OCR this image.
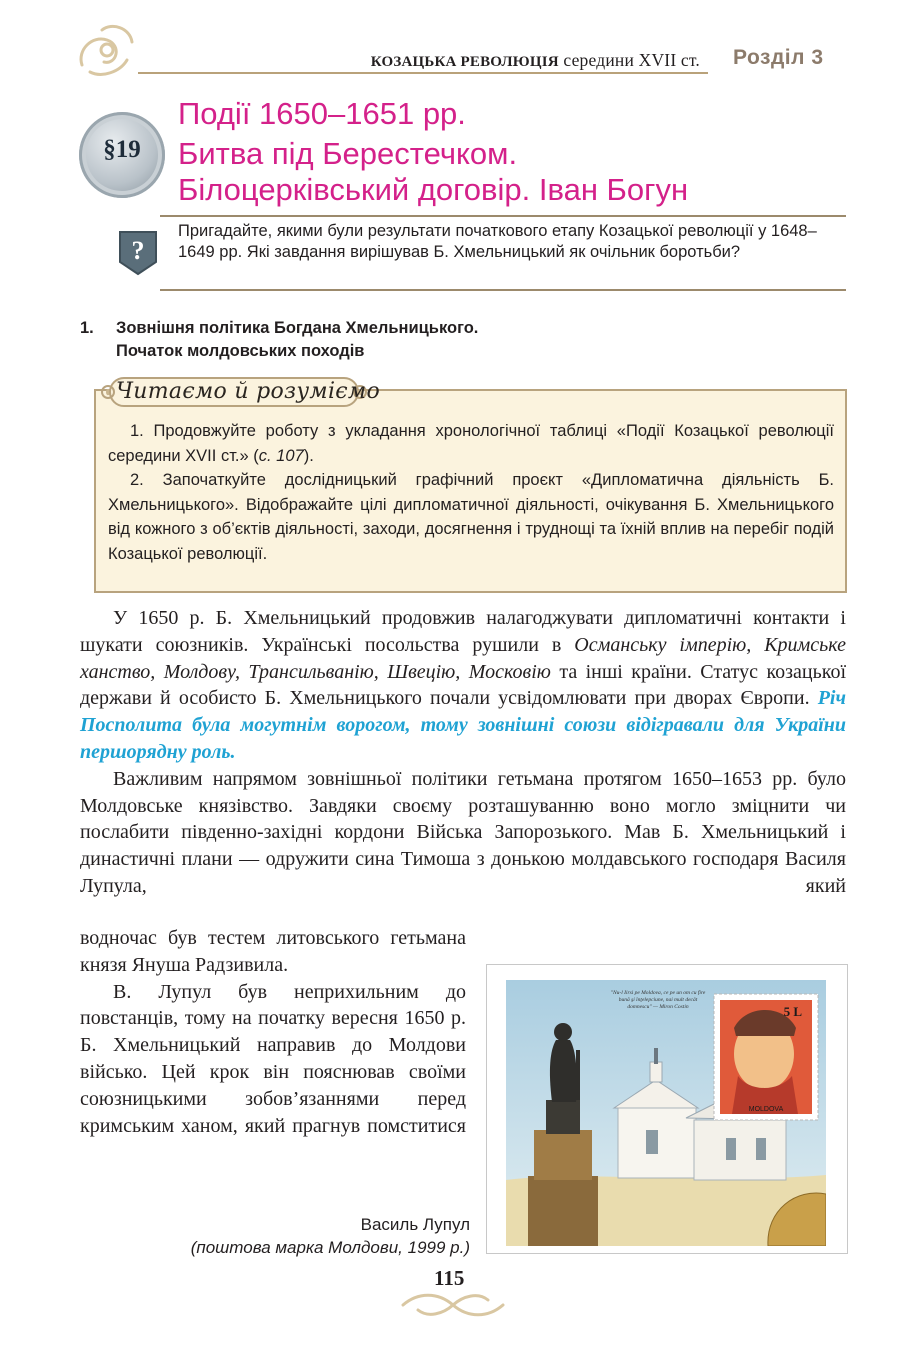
КОЗАЦЬКА РЕВОЛЮЦІЯ середини XVII ст. Розділ 3
§19
Події 1650–1651 рр.
Битва під Берестечком.
Білоцерківський договір. Іван Богун
?
Пригадайте, якими були результати початкового етапу Козацької революції у 1648–1649 рр. Які завдання вирішував Б. Хмельницький як очільник боротьби?
1. Зовнішня політика Богдана Хмельницького.
Початок молдовських походів
Читаємо й розуміємо

1. Продовжуйте роботу з укладання хронологічної таблиці «Події Козацької революції середини XVII ст.» (с. 107).

2. Започаткуйте дослідницький графічний проєкт «Дипломатична діяльність Б. Хмельницького». Відображайте цілі дипломатичної діяльності, очікування Б. Хмельницького від кожного з об’єктів діяльності, заходи, досягнення і труднощі та їхній вплив на перебіг подій Козацької революції.

У 1650 р. Б. Хмельницький продовжив налагоджувати дипломатичні контакти і шукати союзників. Українські посольства рушили в Османську імперію, Кримське ханство, Молдову, Трансильванію, Швецію, Московію та інші країни. Статус козацької держави й особисто Б. Хмельницького почали усвідомлювати при дворах Європи. Річ Посполита була могутнім ворогом, тому зовнішні союзи відігравали для України першорядну роль.

Важливим напрямом зовнішньої політики гетьмана протягом 1650–1653 рр. було Молдовське князівство. Завдяки своєму розташуванню воно могло зміцнити чи послабити південно-західні кордони Війська Запорозького. Мав Б. Хмельницький і династичні плани — одружити сина Тимоша з донькою молдавського господаря Василя Лупула, який

водночас був тестем литовського гетьмана князя Януша Радзивила.

В. Лупул був неприхильним до повстанців, тому на початку вересня 1650 р. Б. Хмельницький направив до Молдови військо. Цей крок він пояснював своїми союзницькими зобов’язаннями перед кримським ханом, який прагнув помститися

5 L
MOLDOVA
"Nu-l Iirsi pe Moldova, ce pe un om cu fire bună şi înţelepciune, nai mult decât domnescu" — Miron Costin
Василь Лупул
(поштова марка Молдови, 1999 р.)
115
